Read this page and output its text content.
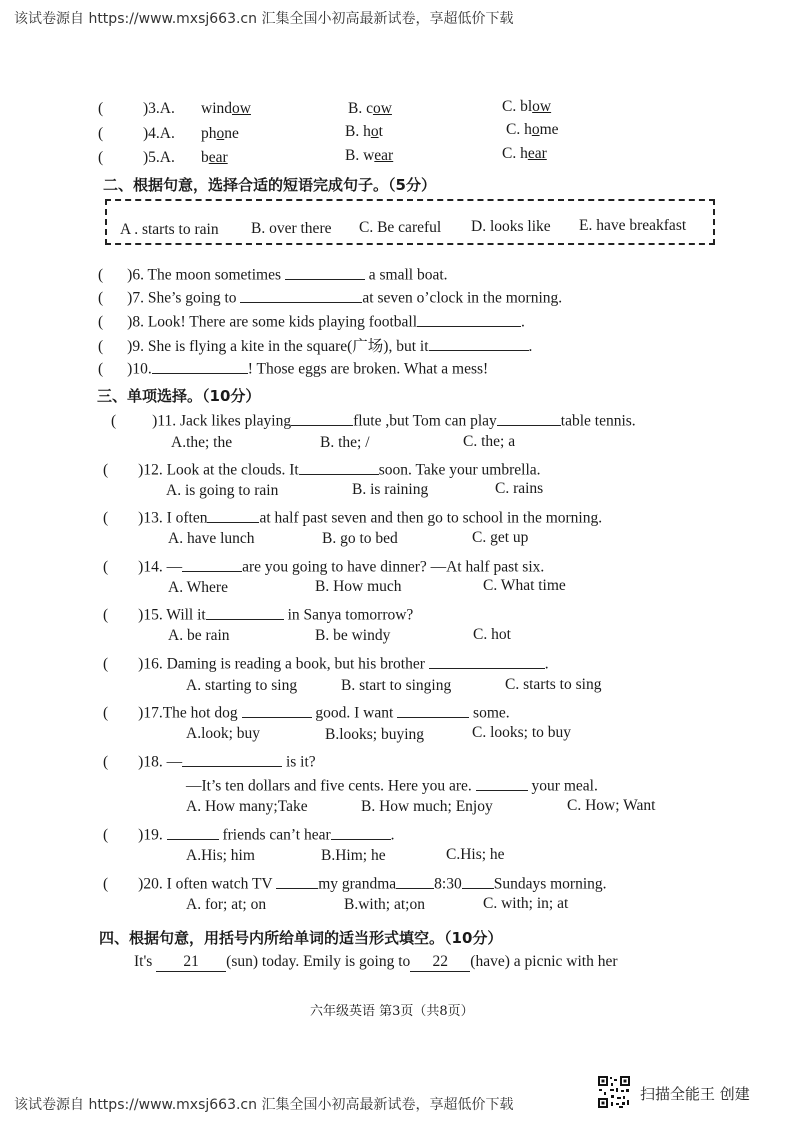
该试卷源自 https://www.mxsj663.cn 汇集全国小初高最新试卷，享超低价下载
(	)3.A. window	B. cow	C. blow
(	)4.A. phone	B. hot	C. home
(	)5.A. bear	B. wear	C. hear
二、根据句意，选择合适的短语完成句子。（5分）
A . starts to rain B. over there C. Be careful D. looks like E. have breakfast
( )6. The moon sometimes	a small boat.
( )7. She’s going to	at seven o’clock in the morning.
( )8. Look! There are some kids playing football	.
( )9. She is flying a kite in the square(广场), but it	.
( )10.	! Those eggs are broken. What a mess!
三、单项选择。（10分）
( )11. Jack likes playing	flute ,but Tom can play	table tennis.
A.the; the	B. the; /	C. the; a
( )12. Look at the clouds. It	soon. Take your umbrella.
A. is going to rain	B. is raining	C. rains
( )13. I often	at half past seven and then go to school in the morning.
A. have lunch	B. go to bed	C. get up
( )14. —	are you going to have dinner? —At half past six.
A. Where	B. How much	C. What time
( )15. Will it	in Sanya tomorrow?
A. be rain	B. be windy	C. hot
( )16. Daming is reading a book, but his brother	.
A. starting to sing	B. start to singing	C. starts to sing
( )17.The hot dog	good. I want	some.
A.look; buy	B.looks; buying	C. looks; to buy
( )18. —	is it?
—It’s ten dollars and five cents. Here you are.	your meal.
A. How many;Take	B. How much; Enjoy	C. How; Want
( )19.	friends can’t hear	.
A.His; him	B.Him; he	C.His; he
( )20. I often watch TV	my grandma 8:30 Sundays morning.
A. for; at; on	B.with; at;on	C. with; in; at
四、根据句意，用括号内所给单词的适当形式填空。（10分）
It's 21 (sun) today. Emily is going to 22 (have) a picnic with her
六年级英语 第3页（共8页）
该试卷源自 https://www.mxsj663.cn 汇集全国小初高最新试卷，享超低价下载
扫描全能王 创建
